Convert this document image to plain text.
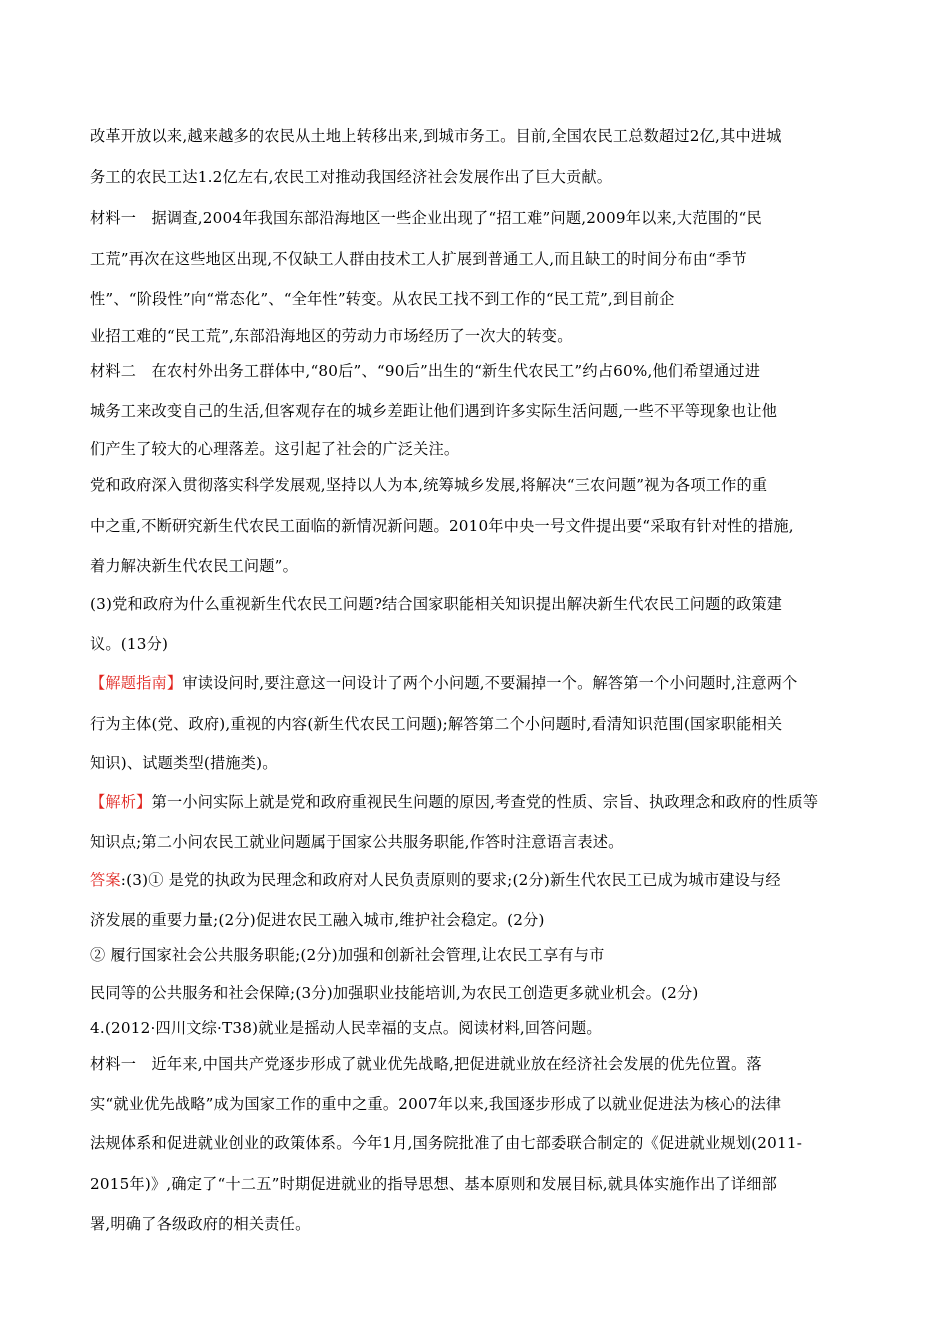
改革开放以来,越来越多的农民从土地上转移出来,到城市务工。目前,全国农民工总数超过2亿,其中进城

务工的农民工达1.2亿左右,农民工对推动我国经济社会发展作出了巨大贡献。

材料一　据调查,2004年我国东部沿海地区一些企业出现了“招工难”问题,2009年以来,大范围的“民

工荒”再次在这些地区出现,不仅缺工人群由技术工人扩展到普通工人,而且缺工的时间分布由“季节

性”、“阶段性”向“常态化”、“全年性”转变。从农民工找不到工作的“民工荒”,到目前企

业招工难的“民工荒”,东部沿海地区的劳动力市场经历了一次大的转变。

材料二　在农村外出务工群体中,“80后”、“90后”出生的“新生代农民工”约占60%,他们希望通过进

城务工来改变自己的生活,但客观存在的城乡差距让他们遇到许多实际生活问题,一些不平等现象也让他

们产生了较大的心理落差。这引起了社会的广泛关注。

党和政府深入贯彻落实科学发展观,坚持以人为本,统筹城乡发展,将解决“三农问题”视为各项工作的重

中之重,不断研究新生代农民工面临的新情况新问题。2010年中央一号文件提出要“采取有针对性的措施,

着力解决新生代农民工问题”。

(3)党和政府为什么重视新生代农民工问题?结合国家职能相关知识提出解决新生代农民工问题的政策建

议。(13分)

【解题指南】审读设问时,要注意这一问设计了两个小问题,不要漏掉一个。解答第一个小问题时,注意两个

行为主体(党、政府),重视的内容(新生代农民工问题);解答第二个小问题时,看清知识范围(国家职能相关

知识)、试题类型(措施类)。

【解析】第一小问实际上就是党和政府重视民生问题的原因,考查党的性质、宗旨、执政理念和政府的性质等

知识点;第二小问农民工就业问题属于国家公共服务职能,作答时注意语言表述。

答案:(3)① 是党的执政为民理念和政府对人民负责原则的要求;(2分)新生代农民工已成为城市建设与经

济发展的重要力量;(2分)促进农民工融入城市,维护社会稳定。(2分)

② 履行国家社会公共服务职能;(2分)加强和创新社会管理,让农民工享有与市

民同等的公共服务和社会保障;(3分)加强职业技能培训,为农民工创造更多就业机会。(2分)

4.(2012·四川文综·T38)就业是摇动人民幸福的支点。阅读材料,回答问题。

材料一　近年来,中国共产党逐步形成了就业优先战略,把促进就业放在经济社会发展的优先位置。落

实“就业优先战略”成为国家工作的重中之重。2007年以来,我国逐步形成了以就业促进法为核心的法律

法规体系和促进就业创业的政策体系。今年1月,国务院批准了由七部委联合制定的《促进就业规划(2011-

2015年)》,确定了“十二五”时期促进就业的指导思想、基本原则和发展目标,就具体实施作出了详细部

署,明确了各级政府的相关责任。
